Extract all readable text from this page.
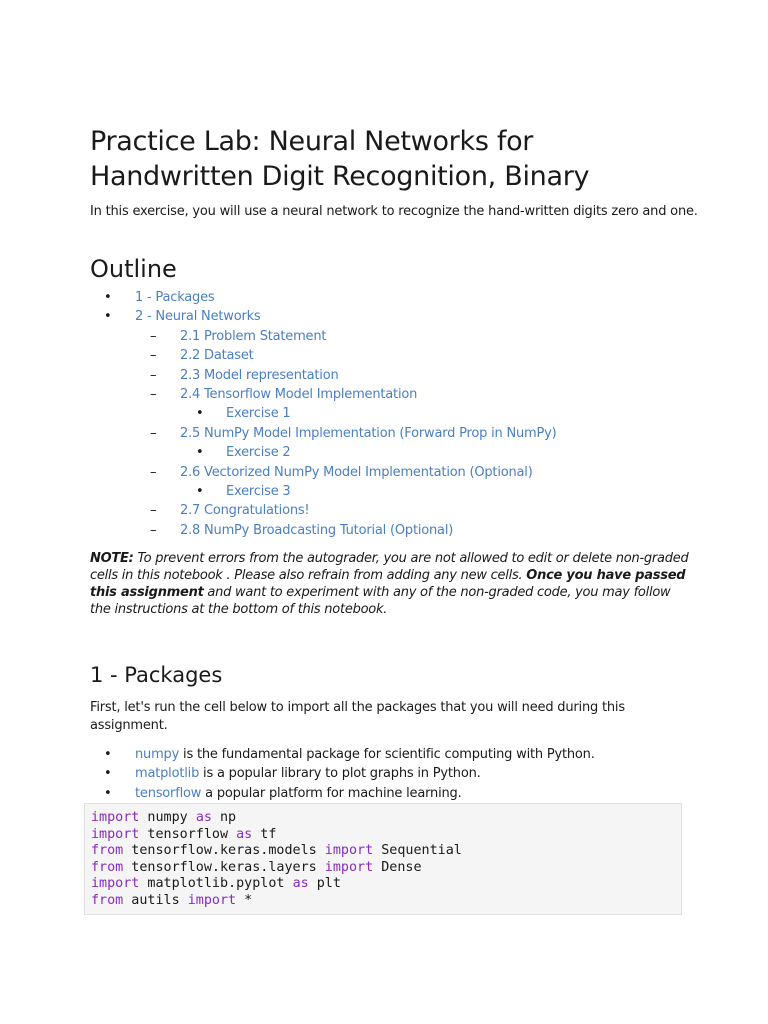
Practice Lab: Neural Networks for Handwritten Digit Recognition, Binary

In this exercise, you will use a neural network to recognize the hand-written digits zero and one.

Outline
• 1 - Packages
• 2 - Neural Networks
– 2.1 Problem Statement
– 2.2 Dataset
– 2.3 Model representation
– 2.4 Tensorflow Model Implementation
• Exercise 1
– 2.5 NumPy Model Implementation (Forward Prop in NumPy)
• Exercise 2
– 2.6 Vectorized NumPy Model Implementation (Optional)
• Exercise 3
– 2.7 Congratulations!
– 2.8 NumPy Broadcasting Tutorial (Optional)

NOTE: To prevent errors from the autograder, you are not allowed to edit or delete non-graded cells in this notebook . Please also refrain from adding any new cells. Once you have passed this assignment and want to experiment with any of the non-graded code, you may follow the instructions at the bottom of this notebook.

1 - Packages

First, let's run the cell below to import all the packages that you will need during this assignment.

• numpy is the fundamental package for scientific computing with Python.
• matplotlib is a popular library to plot graphs in Python.
• tensorflow a popular platform for machine learning.
import numpy as np
import tensorflow as tf
from tensorflow.keras.models import Sequential
from tensorflow.keras.layers import Dense
import matplotlib.pyplot as plt
from autils import *
